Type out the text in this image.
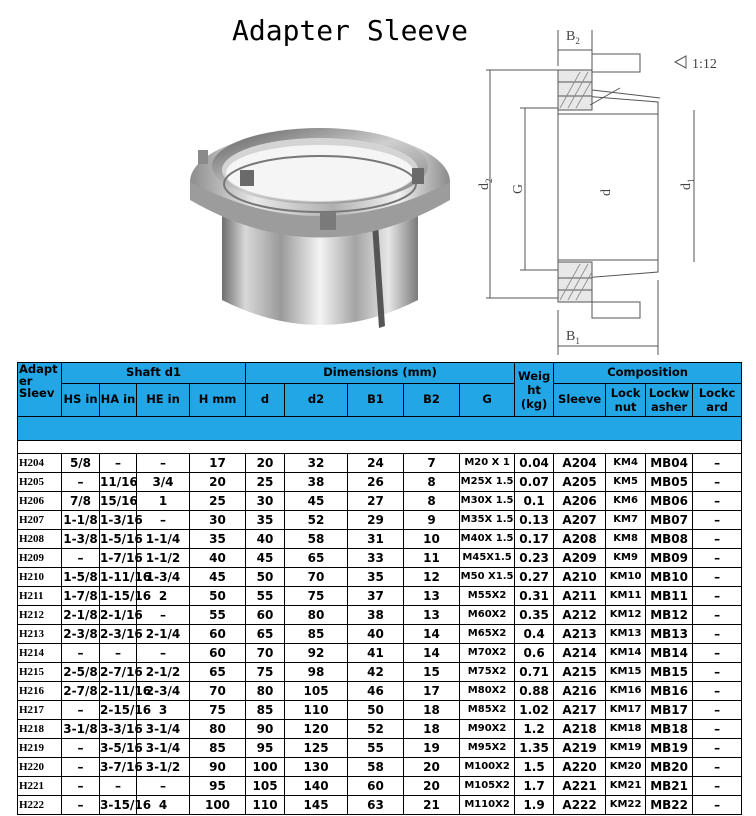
Adapter Sleeve	$B_2$
1:12
$B_1$
$d_2$
G	d
$d_1$
Adapt er Sleev	Shaft d1				Dimensions (mm)					Weig ht (kg)	Composition			
	HS in	HA in	HE in	H mm	d	d2	B1	B2	G		Sleeve	Lock nut	Lockw asher	Lockc ard

H204	5/8	–	–	17	20	32	24	7	M20 X 1	0.04	A204	KM4	MB04	–
H205	–	11/16	3/4	20	25	38	26	8	M25X 1.5	0.07	A205	KM5	MB05	–
H206	7/8	15/16	1	25	30	45	27	8	M30X 1.5	0.1	A206	KM6	MB06	–
H207	1-1/8	1-3/16	–	30	35	52	29	9	M35X 1.5	0.13	A207	KM7	MB07	–
H208	1-3/8	1-5/16	1-1/4	35	40	58	31	10	M40X 1.5	0.17	A208	KM8	MB08	–
H209	–	1-7/16	1-1/2	40	45	65	33	11	M45X1.5	0.23	A209	KM9	MB09	–
H210	1-5/8	1-11/16	1-3/4	45	50	70	35	12	M50 X1.5	0.27	A210	KM10	MB10	–
H211	1-7/8	1-15/16	2	50	55	75	37	13	M55X2	0.31	A211	KM11	MB11	–
H212	2-1/8	2-1/16	–	55	60	80	38	13	M60X2	0.35	A212	KM12	MB12	–
H213	2-3/8	2-3/16	2-1/4	60	65	85	40	14	M65X2	0.4	A213	KM13	MB13	–
H214	–	–	–	60	70	92	41	14	M70X2	0.6	A214	KM14	MB14	–
H215	2-5/8	2-7/16	2-1/2	65	75	98	42	15	M75X2	0.71	A215	KM15	MB15	–
H216	2-7/8	2-11/16	2-3/4	70	80	105	46	17	M80X2	0.88	A216	KM16	MB16	–
H217	–	2-15/16	3	75	85	110	50	18	M85X2	1.02	A217	KM17	MB17	–
H218	3-1/8	3-3/16	3-1/4	80	90	120	52	18	M90X2	1.2	A218	KM18	MB18	–
H219	–	3-5/16	3-1/4	85	95	125	55	19	M95X2	1.35	A219	KM19	MB19	–
H220	–	3-7/16	3-1/2	90	100	130	58	20	M100X2	1.5	A220	KM20	MB20	–
H221	–	–	–	95	105	140	60	20	M105X2	1.7	A221	KM21	MB21	–
H222	–	3-15/16	4	100	110	145	63	21	M110X2	1.9	A222	KM22	MB22	–
